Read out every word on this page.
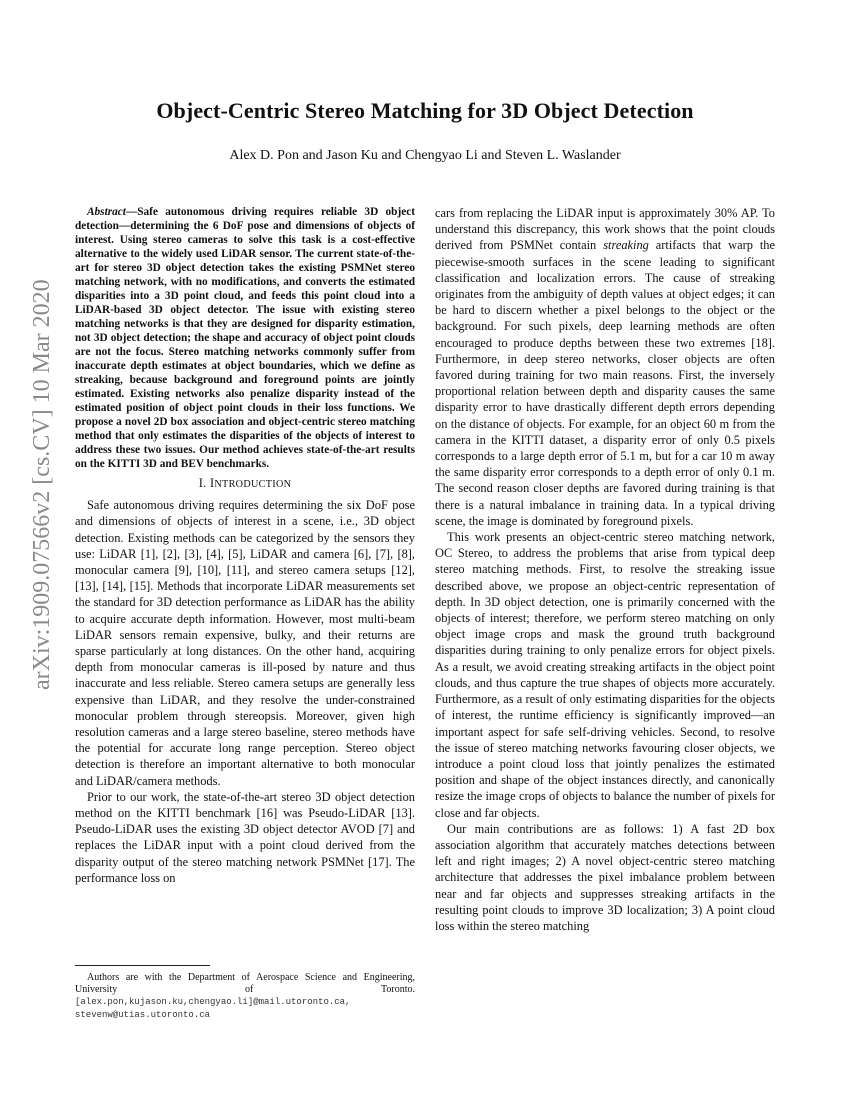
Object-Centric Stereo Matching for 3D Object Detection
Alex D. Pon and Jason Ku and Chengyao Li and Steven L. Waslander
arXiv:1909.07566v2 [cs.CV] 10 Mar 2020

Abstract—Safe autonomous driving requires reliable 3D object detection—determining the 6 DoF pose and dimensions of objects of interest. Using stereo cameras to solve this task is a cost-effective alternative to the widely used LiDAR sensor. The current state-of-the-art for stereo 3D object detection takes the existing PSMNet stereo matching network, with no modifications, and converts the estimated disparities into a 3D point cloud, and feeds this point cloud into a LiDAR-based 3D object detector. The issue with existing stereo matching networks is that they are designed for disparity estimation, not 3D object detection; the shape and accuracy of object point clouds are not the focus. Stereo matching networks commonly suffer from inaccurate depth estimates at object boundaries, which we define as streaking, because background and foreground points are jointly estimated. Existing networks also penalize disparity instead of the estimated position of object point clouds in their loss functions. We propose a novel 2D box association and object-centric stereo matching method that only estimates the disparities of the objects of interest to address these two issues. Our method achieves state-of-the-art results on the KITTI 3D and BEV benchmarks.

I. INTRODUCTION

Safe autonomous driving requires determining the six DoF pose and dimensions of objects of interest in a scene, i.e., 3D object detection. Existing methods can be categorized by the sensors they use: LiDAR [1], [2], [3], [4], [5], LiDAR and camera [6], [7], [8], monocular camera [9], [10], [11], and stereo camera setups [12], [13], [14], [15]. Methods that incorporate LiDAR measurements set the standard for 3D detection performance as LiDAR has the ability to acquire accurate depth information. However, most multi-beam LiDAR sensors remain expensive, bulky, and their returns are sparse particularly at long distances. On the other hand, acquiring depth from monocular cameras is ill-posed by nature and thus inaccurate and less reliable. Stereo camera setups are generally less expensive than LiDAR, and they resolve the under-constrained monocular problem through stereopsis. Moreover, given high resolution cameras and a large stereo baseline, stereo methods have the potential for accurate long range perception. Stereo object detection is therefore an important alternative to both monocular and LiDAR/camera methods.

Prior to our work, the state-of-the-art stereo 3D object detection method on the KITTI benchmark [16] was Pseudo-LiDAR [13]. Pseudo-LiDAR uses the existing 3D object detector AVOD [7] and replaces the LiDAR input with a point cloud derived from the disparity output of the stereo matching network PSMNet [17]. The performance loss on

Authors are with the Department of Aerospace Science and Engineering, University of Toronto. [alex.pon,kujason.ku,chengyao.li]@mail.utoronto.ca,
stevenw@utias.utoronto.ca

cars from replacing the LiDAR input is approximately 30% AP. To understand this discrepancy, this work shows that the point clouds derived from PSMNet contain streaking artifacts that warp the piecewise-smooth surfaces in the scene leading to significant classification and localization errors. The cause of streaking originates from the ambiguity of depth values at object edges; it can be hard to discern whether a pixel belongs to the object or the background. For such pixels, deep learning methods are often encouraged to produce depths between these two extremes [18]. Furthermore, in deep stereo networks, closer objects are often favored during training for two main reasons. First, the inversely proportional relation between depth and disparity causes the same disparity error to have drastically different depth errors depending on the distance of objects. For example, for an object 60 m from the camera in the KITTI dataset, a disparity error of only 0.5 pixels corresponds to a large depth error of 5.1 m, but for a car 10 m away the same disparity error corresponds to a depth error of only 0.1 m. The second reason closer depths are favored during training is that there is a natural imbalance in training data. In a typical driving scene, the image is dominated by foreground pixels.

This work presents an object-centric stereo matching network, OC Stereo, to address the problems that arise from typical deep stereo matching methods. First, to resolve the streaking issue described above, we propose an object-centric representation of depth. In 3D object detection, one is primarily concerned with the objects of interest; therefore, we perform stereo matching on only object image crops and mask the ground truth background disparities during training to only penalize errors for object pixels. As a result, we avoid creating streaking artifacts in the object point clouds, and thus capture the true shapes of objects more accurately. Furthermore, as a result of only estimating disparities for the objects of interest, the runtime efficiency is significantly improved—an important aspect for safe self-driving vehicles. Second, to resolve the issue of stereo matching networks favouring closer objects, we introduce a point cloud loss that jointly penalizes the estimated position and shape of the object instances directly, and canonically resize the image crops of objects to balance the number of pixels for close and far objects.

Our main contributions are as follows: 1) A fast 2D box association algorithm that accurately matches detections between left and right images; 2) A novel object-centric stereo matching architecture that addresses the pixel imbalance problem between near and far objects and suppresses streaking artifacts in the resulting point clouds to improve 3D localization; 3) A point cloud loss within the stereo matching
